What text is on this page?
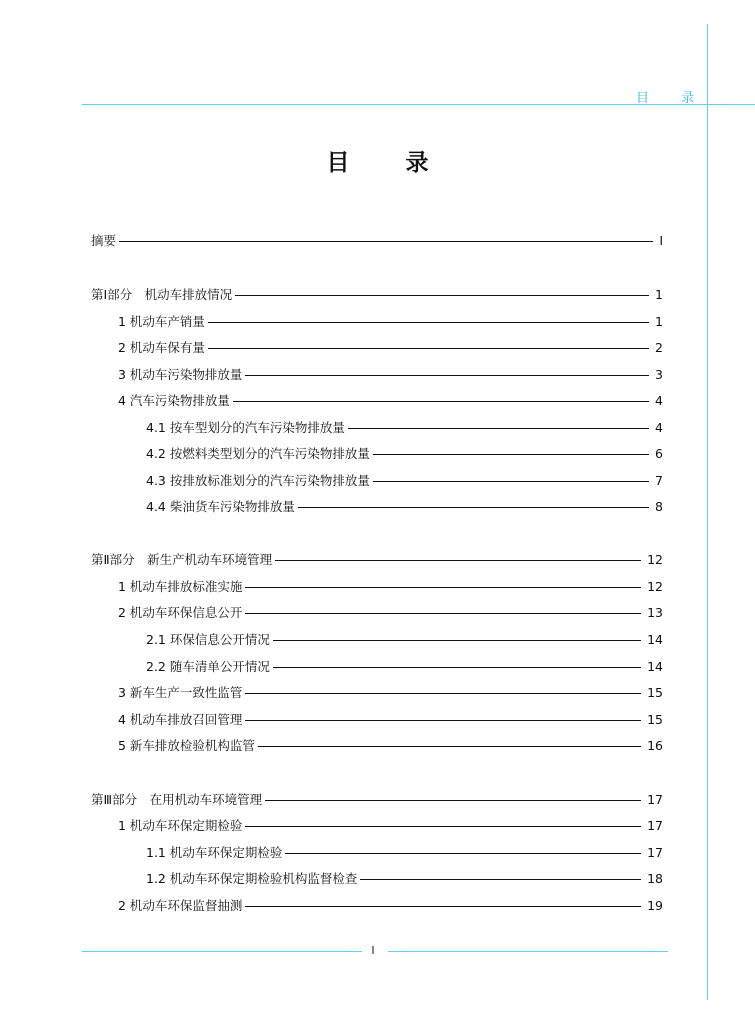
目 录
目 录
摘要	I
第Ⅰ部分　机动车排放情况	1
1 机动车产销量	1
2 机动车保有量	2
3 机动车污染物排放量	3
4 汽车污染物排放量	4
4.1 按车型划分的汽车污染物排放量	4
4.2 按燃料类型划分的汽车污染物排放量	6
4.3 按排放标准划分的汽车污染物排放量	7
4.4 柴油货车污染物排放量	8
第Ⅱ部分　新生产机动车环境管理	12
1 机动车排放标准实施	12
2 机动车环保信息公开	13
2.1 环保信息公开情况	14
2.2 随车清单公开情况	14
3 新车生产一致性监管	15
4 机动车排放召回管理	15
5 新车排放检验机构监管	16
第Ⅲ部分　在用机动车环境管理	17
1 机动车环保定期检验	17
1.1 机动车环保定期检验	17
1.2 机动车环保定期检验机构监督检查	18
2 机动车环保监督抽测	19
I
